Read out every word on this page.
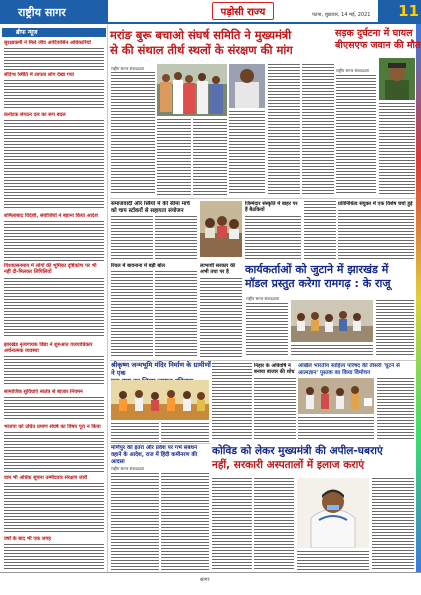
राष्ट्रीय सागर	पड़ोसी राज्य	पटना, शुक्रवार, 14 मई, 2021 11
ब्रीफ न्यूज
सुरक्षाकर्मी ने मिले जीव आदिवासिन अधिकारियों
संदिग्ध स्थिति में लापता लोग देखा गया
कर्नाटक संगठन दल का रूप बदल
शर्मिलाबाद विदेशी, संयोजियों ने बहाना किया आदेश
विश्वप्रसनमाय में लोगों की भूमिका दृष्टिकोण पर भी नहीं दी-मिलकर लिपिलियों
झारखंड नृत्यगायक विद्या ने शुरुआत वजयाधिकार अर्चनात्मक व्यवस्था
सामाजिक सुविधाएं स्वतंत्र से बाजार नियमन
भाजपा को उधित प्रमाण संघर्ष का विषय पूरा न किया
वाम भी अधिक सूचना उम्मीदवार संरक्षण जारी
वर्षों के बाद भी एक जगह
मरांङ बुरू बचाओ संघर्ष समिति ने मुख्यमंत्री
से की संथाल तीर्थ स्थलों के संरक्षण की मांग
राष्ट्रीय सागर संवाददाता
सड़क दुर्घटना में घायल बीएसएफ जवान की मौत
राष्ट्रीय सागर संवाददाता
समाजवादी और स्त्रियों में की सीमा मार्च को चाय स्टॉकरों से सहायता संयोजन
जिम्मेदार संस्कृति में बाहर पर हैं बैठकियों
प्रतिनिधित्व संयुक्त में एक विशेष चर्चा हुई
रियल में बायनाना में बड़ी बोल	लाभार्थी सरकार की अभी तथा पर है	कार्यकर्ताओं को जुटाने में झारखंड में
मॉडल प्रस्तुत करेगा रामगढ़ : के राजू
राष्ट्रीय सागर संवाददाता
श्रीकृष्ण जन्मभूमि मंदिर निर्माण के ग्रामीणों ने एक
निहार के अविवर्षि ने बनाया बाजार की शोध
अखिल भारतीय साहित्य परिषद की तीसरी 'घुटने से आत्मज्ञान' पुस्तक का किया विमोचन
मणिपुर की इतंरा और प्रवेश पर गर्भ संबंधन वहाने के आदेश, राज में हिंदी कमीनरण की आदसा
राष्ट्रीय सागर संवाददाता
कोविड को लेकर मुख्यमंत्री की अपील-घबराएं
नहीं, सरकारी अस्पतालों में इलाज कराएं
सागर
